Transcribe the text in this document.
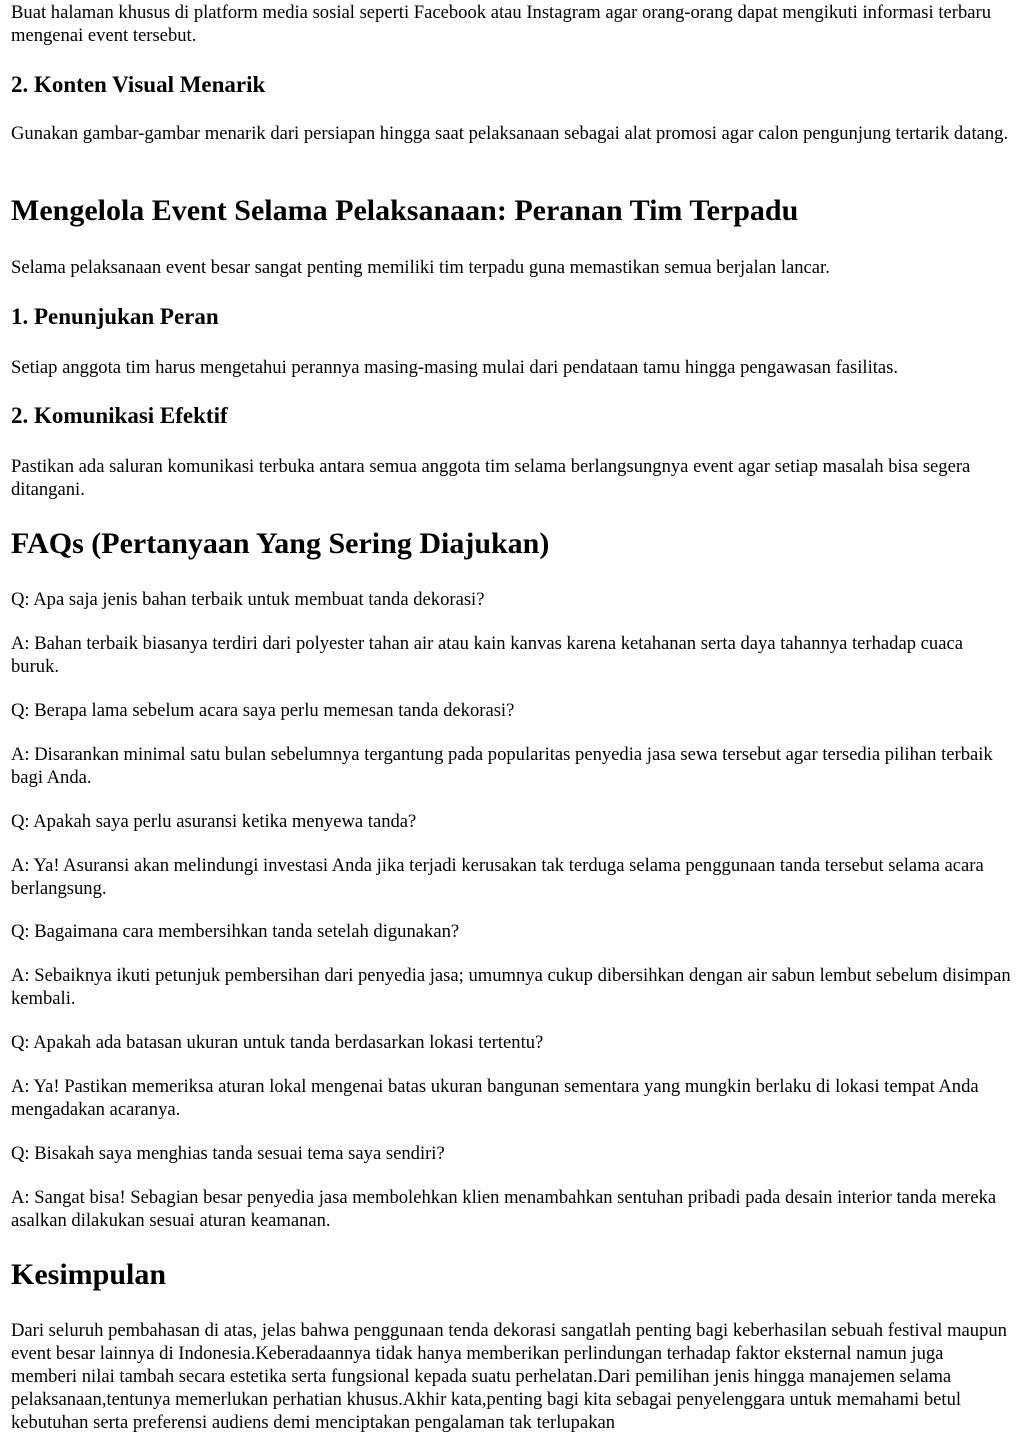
Buat halaman khusus di platform media sosial seperti Facebook atau Instagram agar orang-orang dapat mengikuti informasi terbaru mengenai event tersebut.

2. Konten Visual Menarik

Gunakan gambar-gambar menarik dari persiapan hingga saat pelaksanaan sebagai alat promosi agar calon pengunjung tertarik datang.

Mengelola Event Selama Pelaksanaan: Peranan Tim Terpadu

Selama pelaksanaan event besar sangat penting memiliki tim terpadu guna memastikan semua berjalan lancar.

1. Penunjukan Peran

Setiap anggota tim harus mengetahui perannya masing-masing mulai dari pendataan tamu hingga pengawasan fasilitas.

2. Komunikasi Efektif

Pastikan ada saluran komunikasi terbuka antara semua anggota tim selama berlangsungnya event agar setiap masalah bisa segera ditangani.

FAQs (Pertanyaan Yang Sering Diajukan)

Q: Apa saja jenis bahan terbaik untuk membuat tanda dekorasi?

A: Bahan terbaik biasanya terdiri dari polyester tahan air atau kain kanvas karena ketahanan serta daya tahannya terhadap cuaca buruk.

Q: Berapa lama sebelum acara saya perlu memesan tanda dekorasi?

A: Disarankan minimal satu bulan sebelumnya tergantung pada popularitas penyedia jasa sewa tersebut agar tersedia pilihan terbaik bagi Anda.

Q: Apakah saya perlu asuransi ketika menyewa tanda?

A: Ya! Asuransi akan melindungi investasi Anda jika terjadi kerusakan tak terduga selama penggunaan tanda tersebut selama acara berlangsung.

Q: Bagaimana cara membersihkan tanda setelah digunakan?

A: Sebaiknya ikuti petunjuk pembersihan dari penyedia jasa; umumnya cukup dibersihkan dengan air sabun lembut sebelum disimpan kembali.

Q: Apakah ada batasan ukuran untuk tanda berdasarkan lokasi tertentu?

A: Ya! Pastikan memeriksa aturan lokal mengenai batas ukuran bangunan sementara yang mungkin berlaku di lokasi tempat Anda mengadakan acaranya.

Q: Bisakah saya menghias tanda sesuai tema saya sendiri?

A: Sangat bisa! Sebagian besar penyedia jasa membolehkan klien menambahkan sentuhan pribadi pada desain interior tanda mereka asalkan dilakukan sesuai aturan keamanan.

Kesimpulan

Dari seluruh pembahasan di atas, jelas bahwa penggunaan tenda dekorasi sangatlah penting bagi keberhasilan sebuah festival maupun event besar lainnya di Indonesia.Keberadaannya tidak hanya memberikan perlindungan terhadap faktor eksternal namun juga memberi nilai tambah secara estetika serta fungsional kepada suatu perhelatan.Dari pemilihan jenis hingga manajemen selama pelaksanaan,tentunya memerlukan perhatian khusus.Akhir kata,penting bagi kita sebagai penyelenggara untuk memahami betul kebutuhan serta preferensi audiens demi menciptakan pengalaman tak terlupakan
